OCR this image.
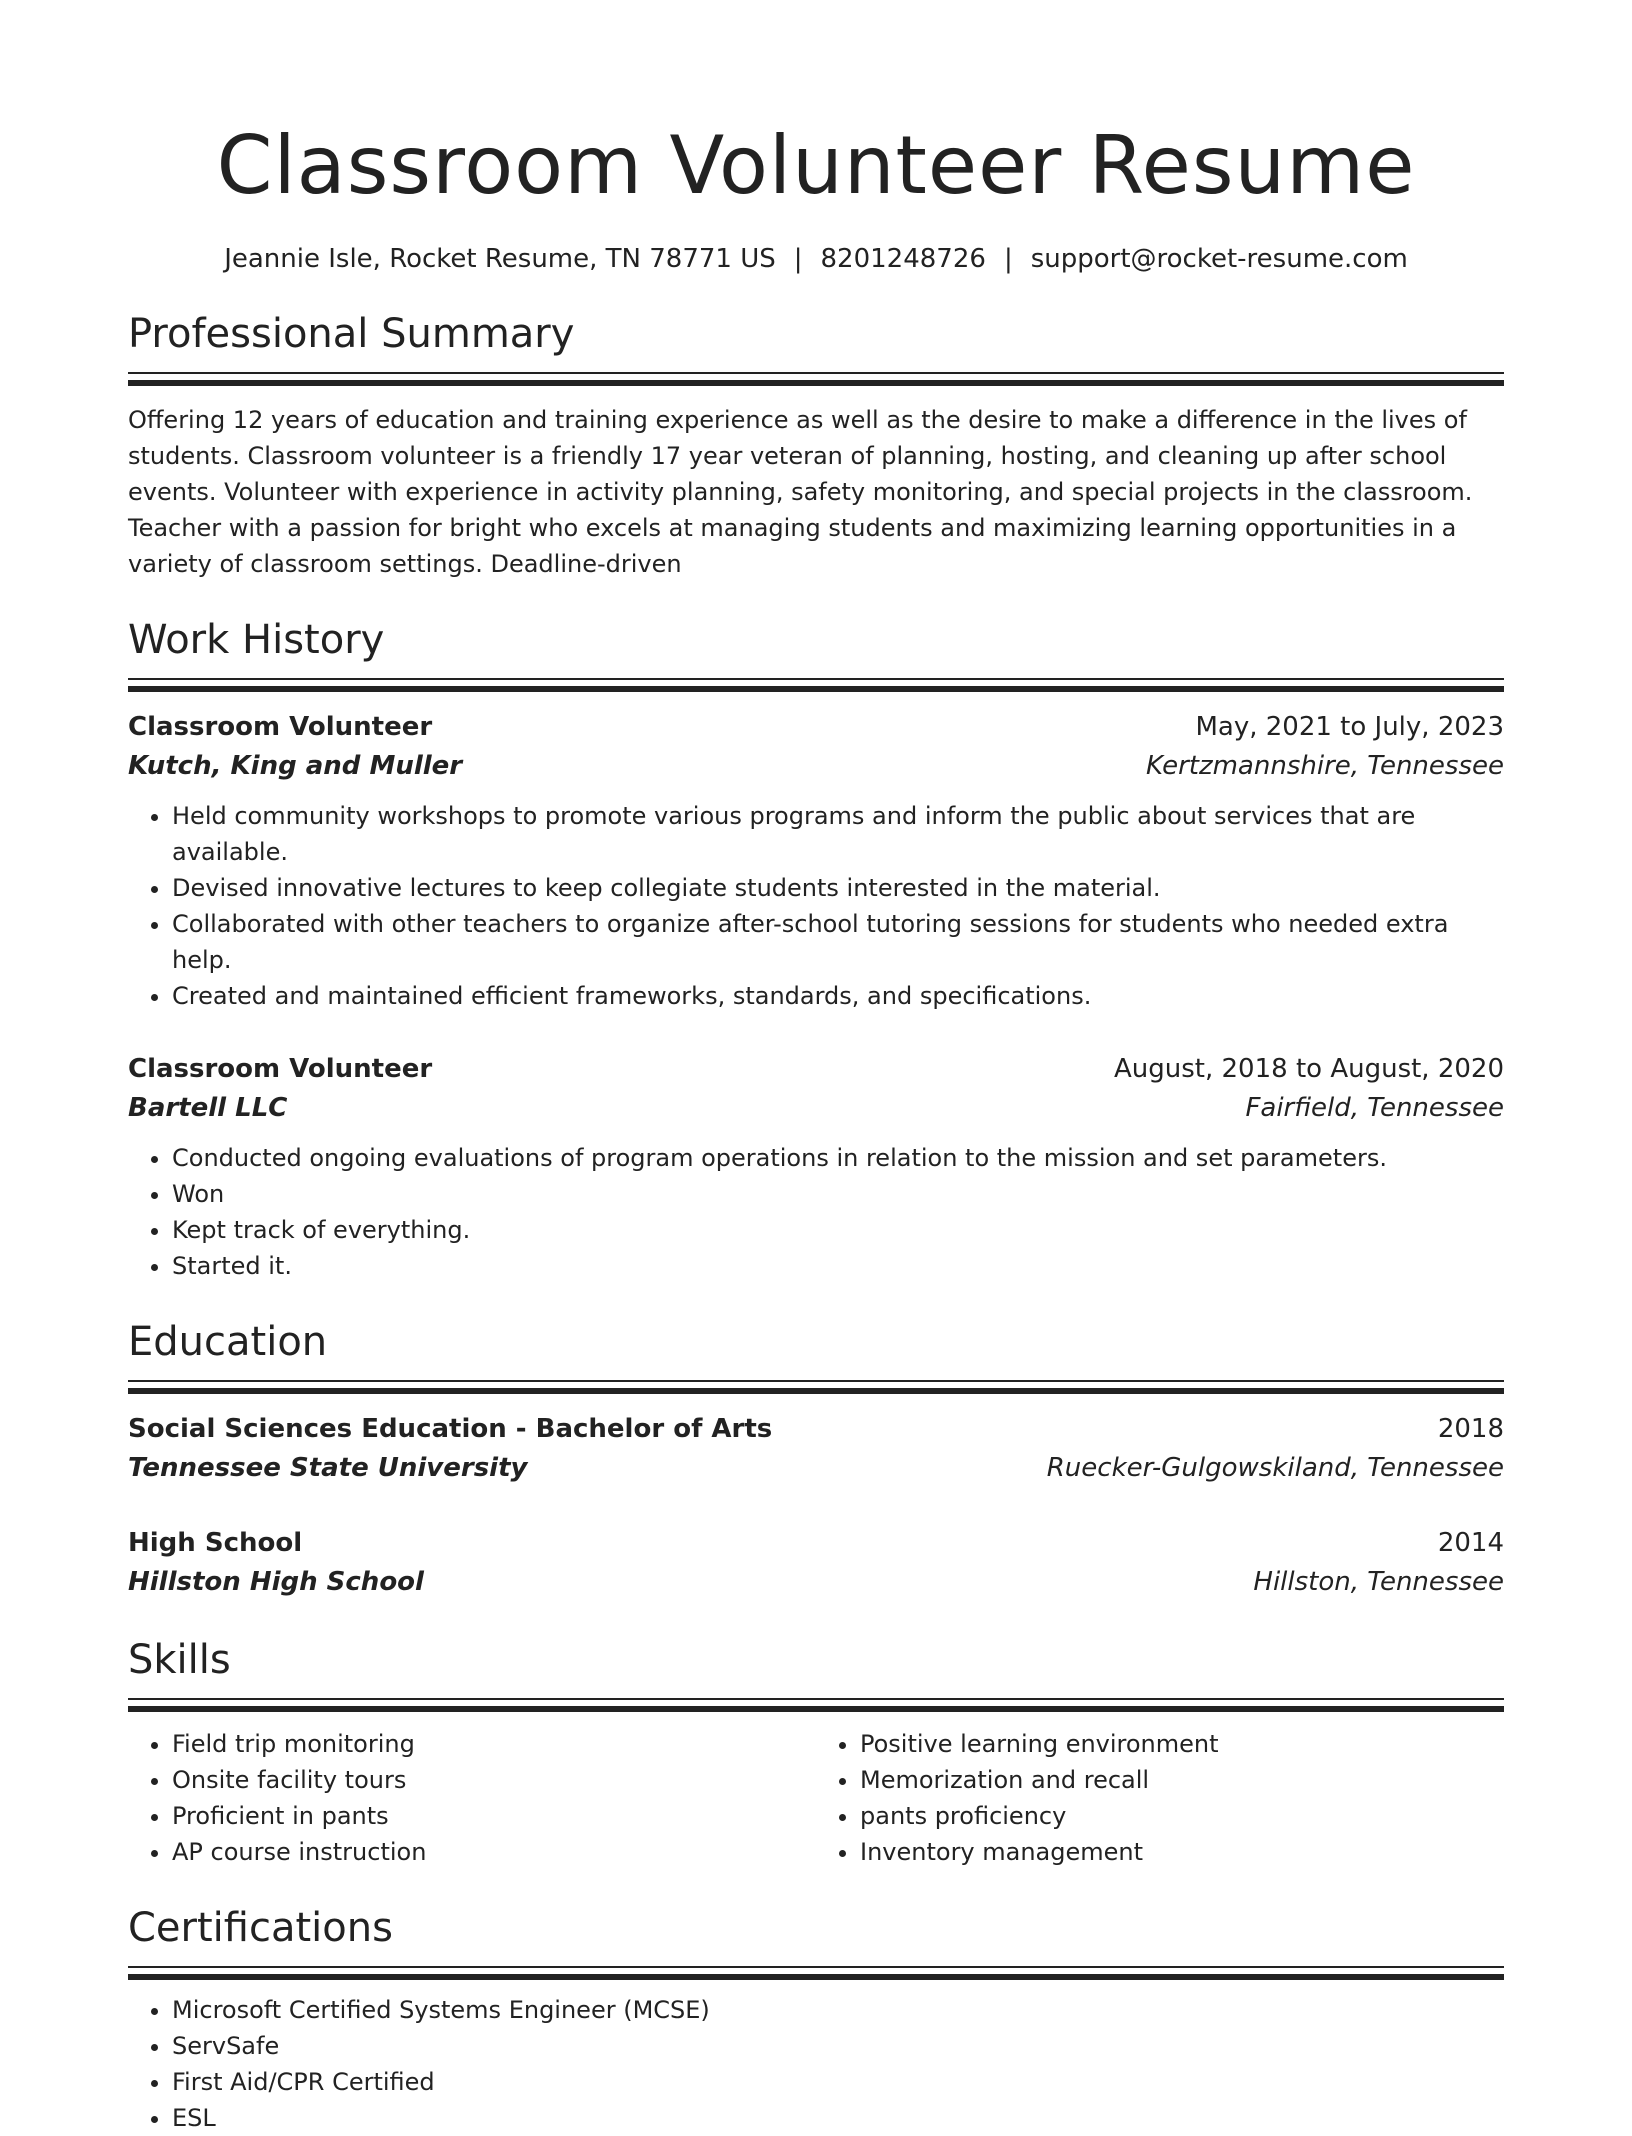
Classroom Volunteer Resume
Jeannie Isle, Rocket Resume, TN 78771 US | 8201248726 | support@rocket-resume.com
Professional Summary
Offering 12 years of education and training experience as well as the desire to make a difference in the lives of students. Classroom volunteer is a friendly 17 year veteran of planning, hosting, and cleaning up after school events. Volunteer with experience in activity planning, safety monitoring, and special projects in the classroom. Teacher with a passion for bright who excels at managing students and maximizing learning opportunities in a variety of classroom settings. Deadline-driven
Work History
Classroom Volunteer	May, 2021 to July, 2023
Kutch, King and Muller	Kertzmannshire, Tennessee
• Held community workshops to promote various programs and inform the public about services that are available.
• Devised innovative lectures to keep collegiate students interested in the material.
• Collaborated with other teachers to organize after-school tutoring sessions for students who needed extra help.
• Created and maintained efficient frameworks, standards, and specifications.
Classroom Volunteer	August, 2018 to August, 2020
Bartell LLC	Fairfield, Tennessee
• Conducted ongoing evaluations of program operations in relation to the mission and set parameters.
• Won
• Kept track of everything.
• Started it.
Education
Social Sciences Education - Bachelor of Arts	2018
Tennessee State University	Ruecker-Gulgowskiland, Tennessee
High School	2014
Hillston High School	Hillston, Tennessee
Skills
• Field trip monitoring
• Onsite facility tours
• Proficient in pants
• AP course instruction
• Positive learning environment
• Memorization and recall
• pants proficiency
• Inventory management
Certifications
• Microsoft Certified Systems Engineer (MCSE)
• ServSafe
• First Aid/CPR Certified
• ESL
